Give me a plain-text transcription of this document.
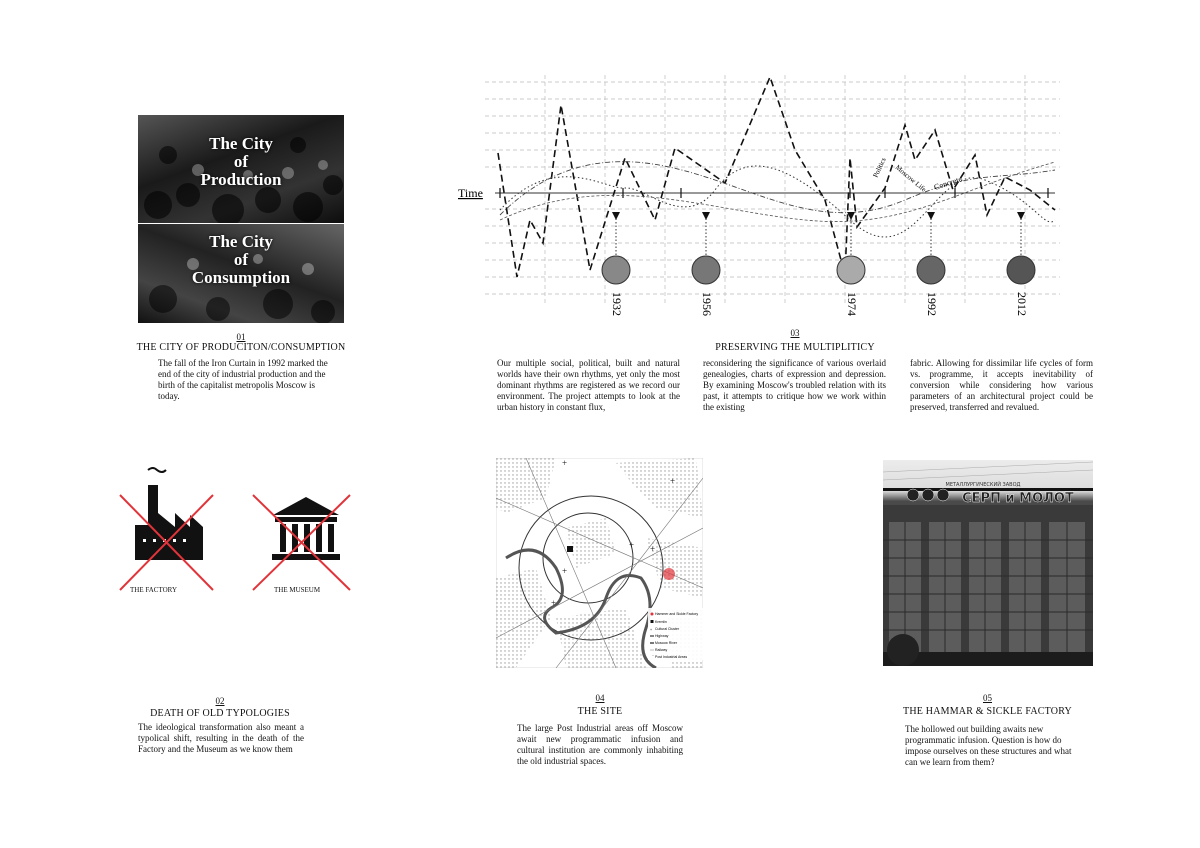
The City
of
Production
The City
of
Consumption
01
THE CITY OF PRODUCITON/CONSUMPTION
The fall of the Iron Curtain in 1992 marked the end of the city of industrial production and the birth of the capitalist metropolis Moscow is today.
Time
Politics Moscow Life Concrete
1932	1956	1974	1992	2012
03
PRESERVING THE MULTIPLITICY
Our multiple social, political, built and natural worlds have their own rhythms, yet only the most dominant rhythms are registered as we record our environment. The project attempts to look at the urban history in constant flux,
reconsidering the significance of various overlaid genealogies, charts of expression and depression. By examining Moscow's troubled relation with its past, it attempts to critique how we work within the existing
fabric. Allowing for dissimilar life cycles of form vs. programme, it accepts inevitability of conversion while considering how various parameters of an architectural project could be preserved, transferred and revalued.
THE FACTORY	THE MUSEUM
02
DEATH OF OLD TYPOLOGIES
The ideological transformation also meant a typolical shift, resulting in the death of the Factory and the Museum as we know them
+
+
+
+
+
+
Hammer and Sickle Factory
Kremlin
+ Cultural Cluster
Highway
Moscow River
Railway
Post Industrial Areas
04
THE SITE
The large Post Industrial areas off Moscow await new programmatic infusion and cultural institution are commonly inhabiting the old industrial spaces.
МЕТАЛЛУРГИЧЕСКИЙ ЗАВОД
СЕРП и МОЛОТ
05
THE HAMMAR & SICKLE FACTORY
The hollowed out building awaits new programmatic infusion. Question is how do impose ourselves on these structures and what can we learn from them?
